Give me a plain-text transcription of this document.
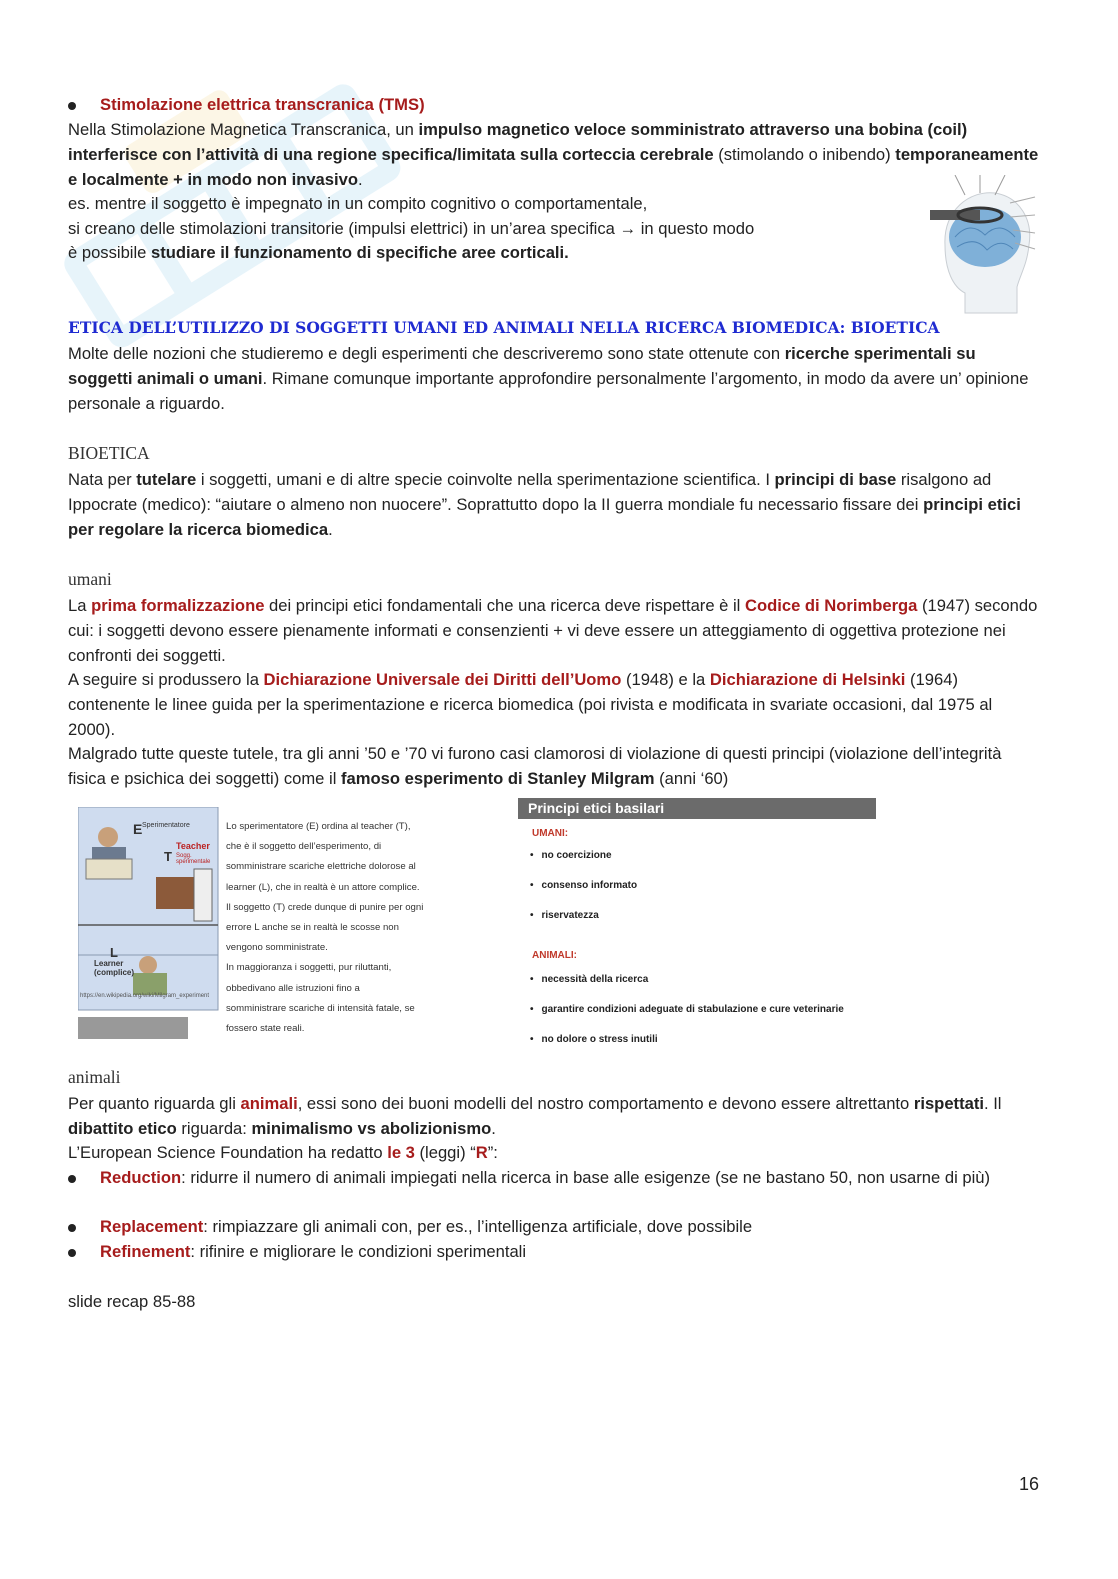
Stimolazione elettrica transcranica (TMS)
Nella Stimolazione Magnetica Transcranica, un impulso magnetico veloce somministrato attraverso una bobina (coil) interferisce con l’attività di una regione specifica/limitata sulla corteccia cerebrale (stimolando o inibendo) temporaneamente e localmente + in modo non invasivo.
es. mentre il soggetto è impegnato in un compito cognitivo o comportamentale,
si creano delle stimolazioni transitorie (impulsi elettrici) in un’area specifica → in questo modo
è possibile studiare il funzionamento di specifiche aree corticali.
ETICA DELL’UTILIZZO DI SOGGETTI UMANI ED ANIMALI NELLA RICERCA BIOMEDICA: BIOETICA
Molte delle nozioni che studieremo e degli esperimenti che descriveremo sono state ottenute con ricerche sperimentali su soggetti animali o umani. Rimane comunque importante approfondire personalmente l’argomento, in modo da avere un’ opinione personale a riguardo.
BIOETICA
Nata per tutelare i soggetti, umani e di altre specie coinvolte nella sperimentazione scientifica. I principi di base risalgono ad Ippocrate (medico): “aiutare o almeno non nuocere”. Soprattutto dopo la II guerra mondiale fu necessario fissare dei principi etici per regolare la ricerca biomedica.
umani
La prima formalizzazione dei principi etici fondamentali che una ricerca deve rispettare è il Codice di Norimberga (1947) secondo cui: i soggetti devono essere pienamente informati e consenzienti + vi deve essere un atteggiamento di oggettiva protezione nei confronti dei soggetti.
A seguire si produssero la Dichiarazione Universale dei Diritti dell’Uomo (1948) e la Dichiarazione di Helsinki (1964) contenente le linee guida per la sperimentazione e ricerca biomedica (poi rivista e modificata in svariate occasioni, dal 1975 al 2000).
Malgrado tutte queste tutele, tra gli anni ’50 e ’70 vi furono casi clamorosi di violazione di questi principi (violazione dell’integrità fisica e psichica dei soggetti) come il famoso esperimento di Stanley Milgram (anni ‘60)
E Sperimentatore
Teacher
T Sogg. sperimentale
L
Learner
(complice)
https://en.wikipedia.org/wiki/Milgram_experiment
Lo sperimentatore (E) ordina al teacher (T),
che è il soggetto dell’esperimento, di
somministrare scariche elettriche dolorose al
learner (L), che in realtà è un attore complice.
Il soggetto (T) crede dunque di punire per ogni
errore L anche se in realtà le scosse non
vengono somministrate.
In maggioranza i soggetti, pur riluttanti,
obbedivano alle istruzioni fino a
somministrare scariche di intensità fatale, se
fossero state reali.
Principi etici basilari
UMANI:
• no coercizione
• consenso informato
• riservatezza
ANIMALI:
• necessità della ricerca
• garantire condizioni adeguate di stabulazione e cure veterinarie
• no dolore o stress inutili
animali
Per quanto riguarda gli animali, essi sono dei buoni modelli del nostro comportamento e devono essere altrettanto rispettati. Il dibattito etico riguarda: minimalismo vs abolizionismo.
L’European Science Foundation ha redatto le 3 (leggi) “R”:
Reduction: ridurre il numero di animali impiegati nella ricerca in base alle esigenze (se ne bastano 50, non usarne di più)
Replacement: rimpiazzare gli animali con, per es., l’intelligenza artificiale, dove possibile
Refinement: rifinire e migliorare le condizioni sperimentali
slide recap 85-88
16
